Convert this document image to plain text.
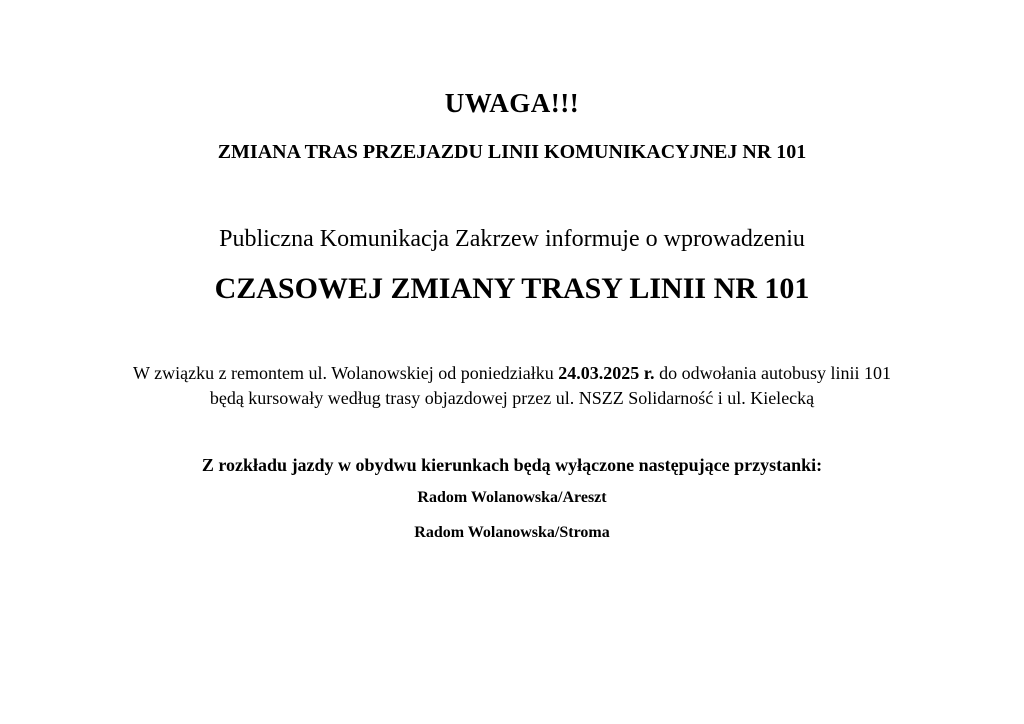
UWAGA!!!
ZMIANA TRAS PRZEJAZDU LINII KOMUNIKACYJNEJ NR 101
Publiczna Komunikacja Zakrzew informuje o wprowadzeniu
CZASOWEJ ZMIANY TRASY LINII NR 101
W związku z remontem ul. Wolanowskiej od poniedziałku 24.03.2025 r. do odwołania autobusy linii 101
będą kursowały według trasy objazdowej przez ul. NSZZ Solidarność i ul. Kielecką
Z rozkładu jazdy w obydwu kierunkach będą wyłączone następujące przystanki:
Radom Wolanowska/Areszt
Radom Wolanowska/Stroma
